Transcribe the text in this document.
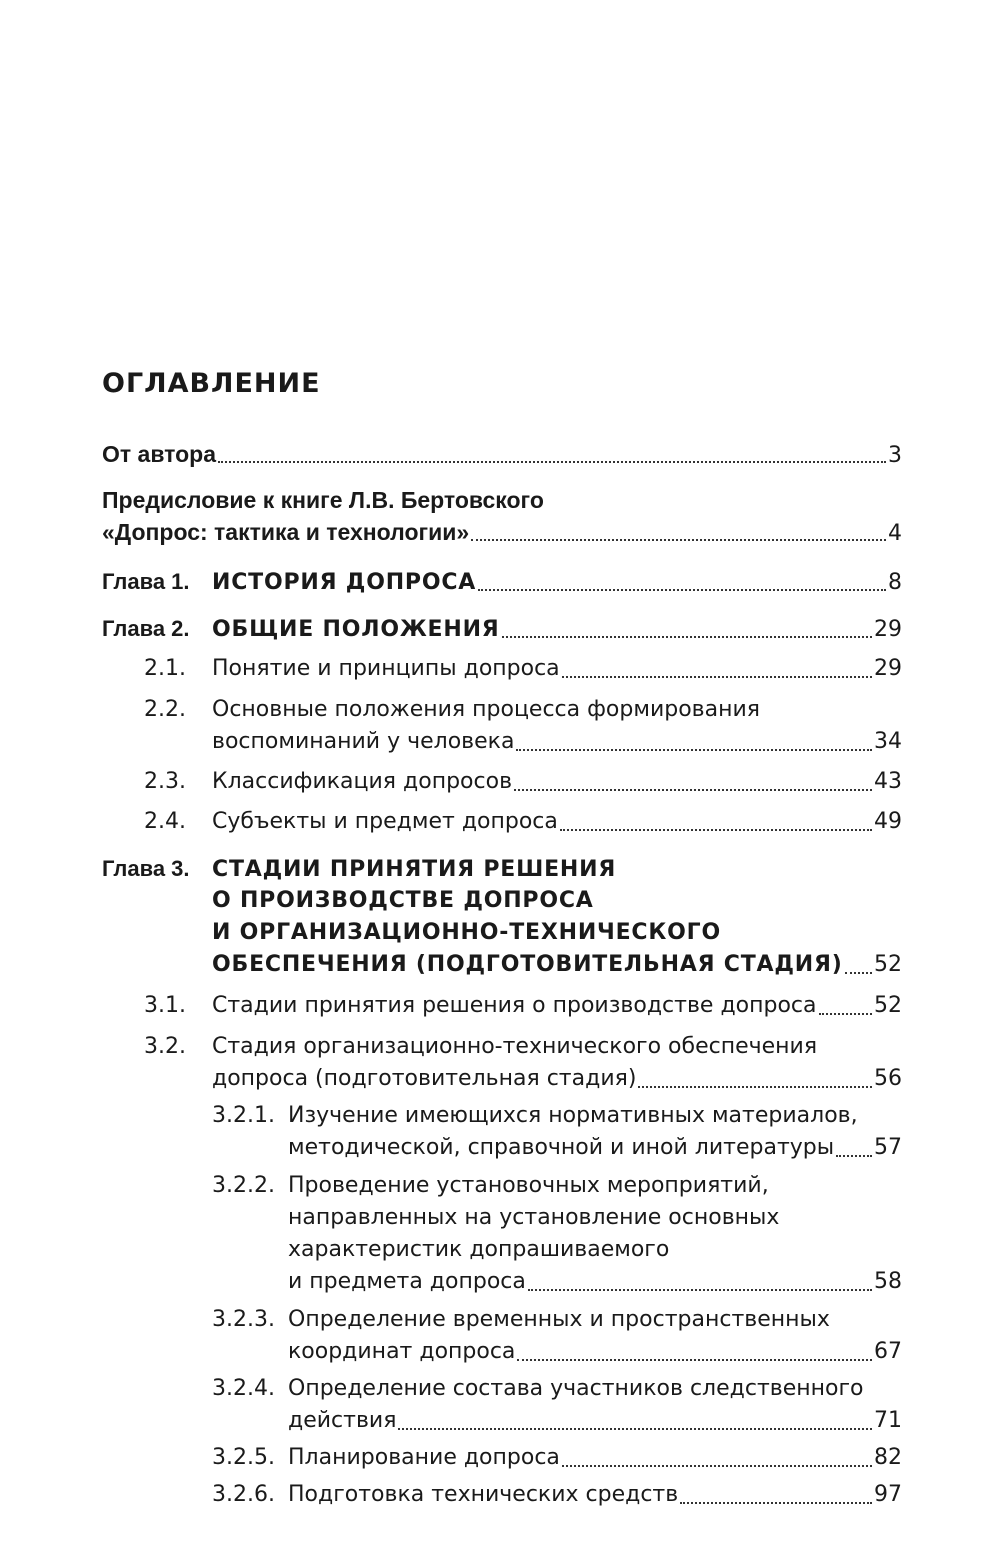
ОГЛАВЛЕНИЕ
От автора	3
Предисловие к книге Л.В. Бертовского
«Допрос: тактика и технологии»	4
Глава 1.	ИСТОРИЯ ДОПРОСА	8
Глава 2.	ОБЩИЕ ПОЛОЖЕНИЯ	29
2.1.	Понятие и принципы допроса	29
2.2.	Основные положения процесса формирования
воспоминаний у человека	34
2.3.	Классификация допросов	43
2.4.	Субъекты и предмет допроса	49
Глава 3.	СТАДИИ ПРИНЯТИЯ РЕШЕНИЯ
О ПРОИЗВОДСТВЕ ДОПРОСА
И ОРГАНИЗАЦИОННО-ТЕХНИЧЕСКОГО
ОБЕСПЕЧЕНИЯ (ПОДГОТОВИТЕЛЬНАЯ СТАДИЯ) 52
3.1.	Стадии принятия решения о производстве допроса	52
3.2.	Стадия организационно-технического обеспечения
допроса (подготовительная стадия)	56
3.2.1. Изучение имеющихся нормативных материалов,
методической, справочной и иной литературы 57
3.2.2. Проведение установочных мероприятий,
направленных на установление основных
характеристик допрашиваемого
и предмета допроса	58
3.2.3. Определение временных и пространственных
координат допроса	67
3.2.4. Определение состава участников следственного
действия	71
3.2.5. Планирование допроса	82
3.2.6. Подготовка технических средств	97
